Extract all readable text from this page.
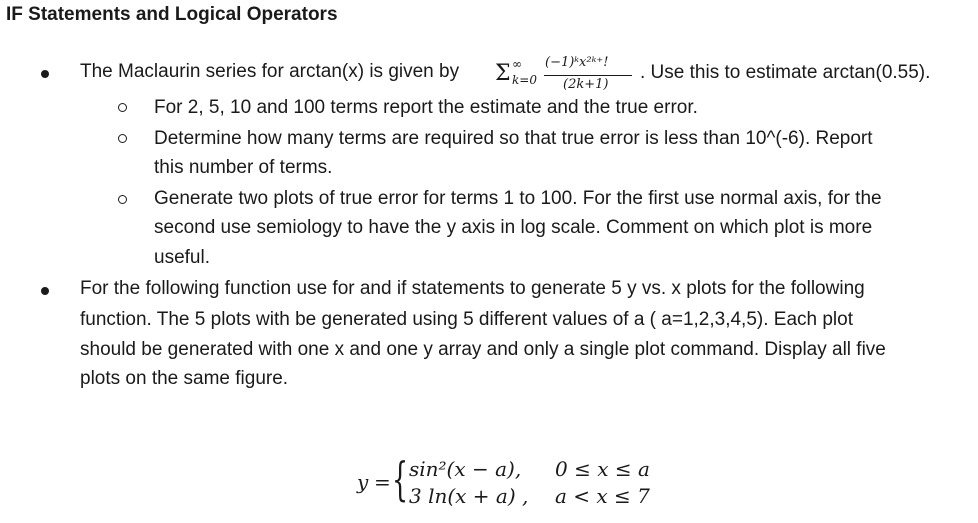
IF Statements and Logical Operators
The Maclaurin series for arctan(x) is given by Σ ∞
k=0
(−1)ᵏx²ᵏ⁺!
(2k+1)
. Use this to estimate arctan(0.55).
For 2, 5, 10 and 100 terms report the estimate and the true error.
Determine how many terms are required so that true error is less than 10^(-6). Report
this number of terms.
Generate two plots of true error for terms 1 to 100. For the first use normal axis, for the
second use semiology to have the y axis in log scale. Comment on which plot is more
useful.
For the following function use for and if statements to generate 5 y vs. x plots for the following
function. The 5 plots with be generated using 5 different values of a ( a=1,2,3,4,5). Each plot
should be generated with one x and one y array and only a single plot command. Display all five
plots on the same figure.
y = { sin²(x − a), 0 ≤ x ≤ a
3 ln(x + a) , a < x ≤ 7
